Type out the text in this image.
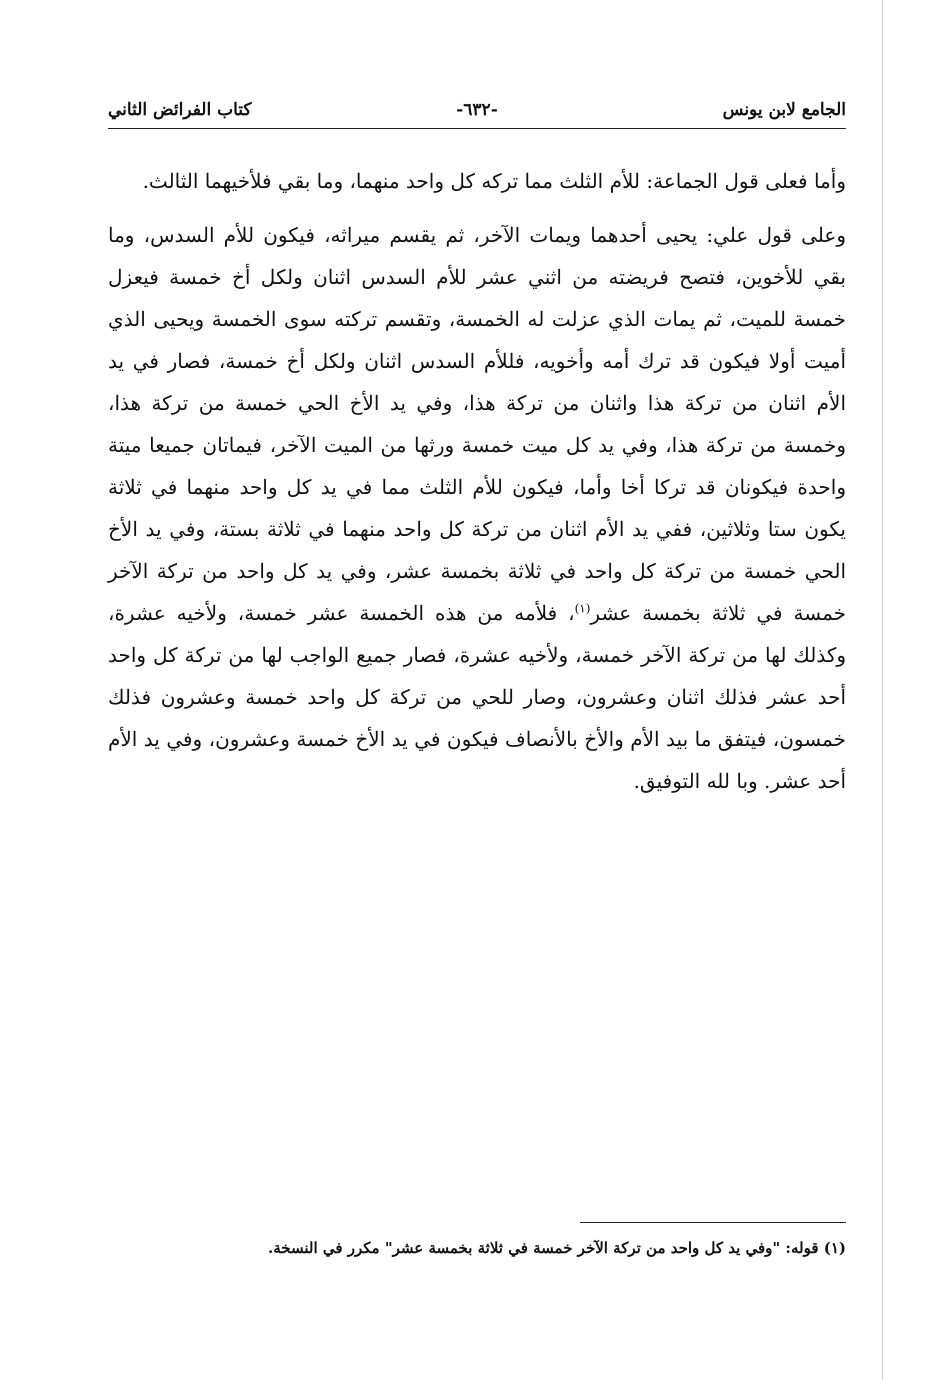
الجامع لابن يونس
-٦٣٢-
كتاب الفرائض الثاني

وأما فعلى قول الجماعة: للأم الثلث مما تركه كل واحد منهما، وما بقي فلأخيهما الثالث.

وعلى قول علي: يحيى أحدهما ويمات الآخر، ثم يقسم ميراثه، فيكون للأم السدس، وما بقي للأخوين، فتصح فريضته من اثني عشر للأم السدس اثنان ولكل أخ خمسة فيعزل خمسة للميت، ثم يمات الذي عزلت له الخمسة، وتقسم تركته سوى الخمسة ويحيى الذي أميت أولا فيكون قد ترك أمه وأخويه، فللأم السدس اثنان ولكل أخ خمسة، فصار في يد الأم اثنان من تركة هذا واثنان من تركة هذا، وفي يد الأخ الحي خمسة من تركة هذا، وخمسة من تركة هذا، وفي يد كل ميت خمسة ورثها من الميت الآخر، فيماتان جميعا ميتة واحدة فيكونان قد تركا أخا وأما، فيكون للأم الثلث مما في يد كل واحد منهما في ثلاثة يكون ستا وثلاثين، ففي يد الأم اثنان من تركة كل واحد منهما في ثلاثة بستة، وفي يد الأخ الحي خمسة من تركة كل واحد في ثلاثة بخمسة عشر، وفي يد كل واحد من تركة الآخر خمسة في ثلاثة بخمسة عشر$^{(١)}$، فلأمه من هذه الخمسة عشر خمسة، ولأخيه عشرة، وكذلك لها من تركة الآخر خمسة، ولأخيه عشرة، فصار جميع الواجب لها من تركة كل واحد أحد عشر فذلك اثنان وعشرون، وصار للحي من تركة كل واحد خمسة وعشرون فذلك خمسون، فيتفق ما بيد الأم والأخ بالأنصاف فيكون في يد الأخ خمسة وعشرون، وفي يد الأم أحد عشر. وبا لله التوفيق.

(١) قوله: "وفي يد كل واحد من تركة الآخر خمسة في ثلاثة بخمسة عشر" مكرر في النسخة.
